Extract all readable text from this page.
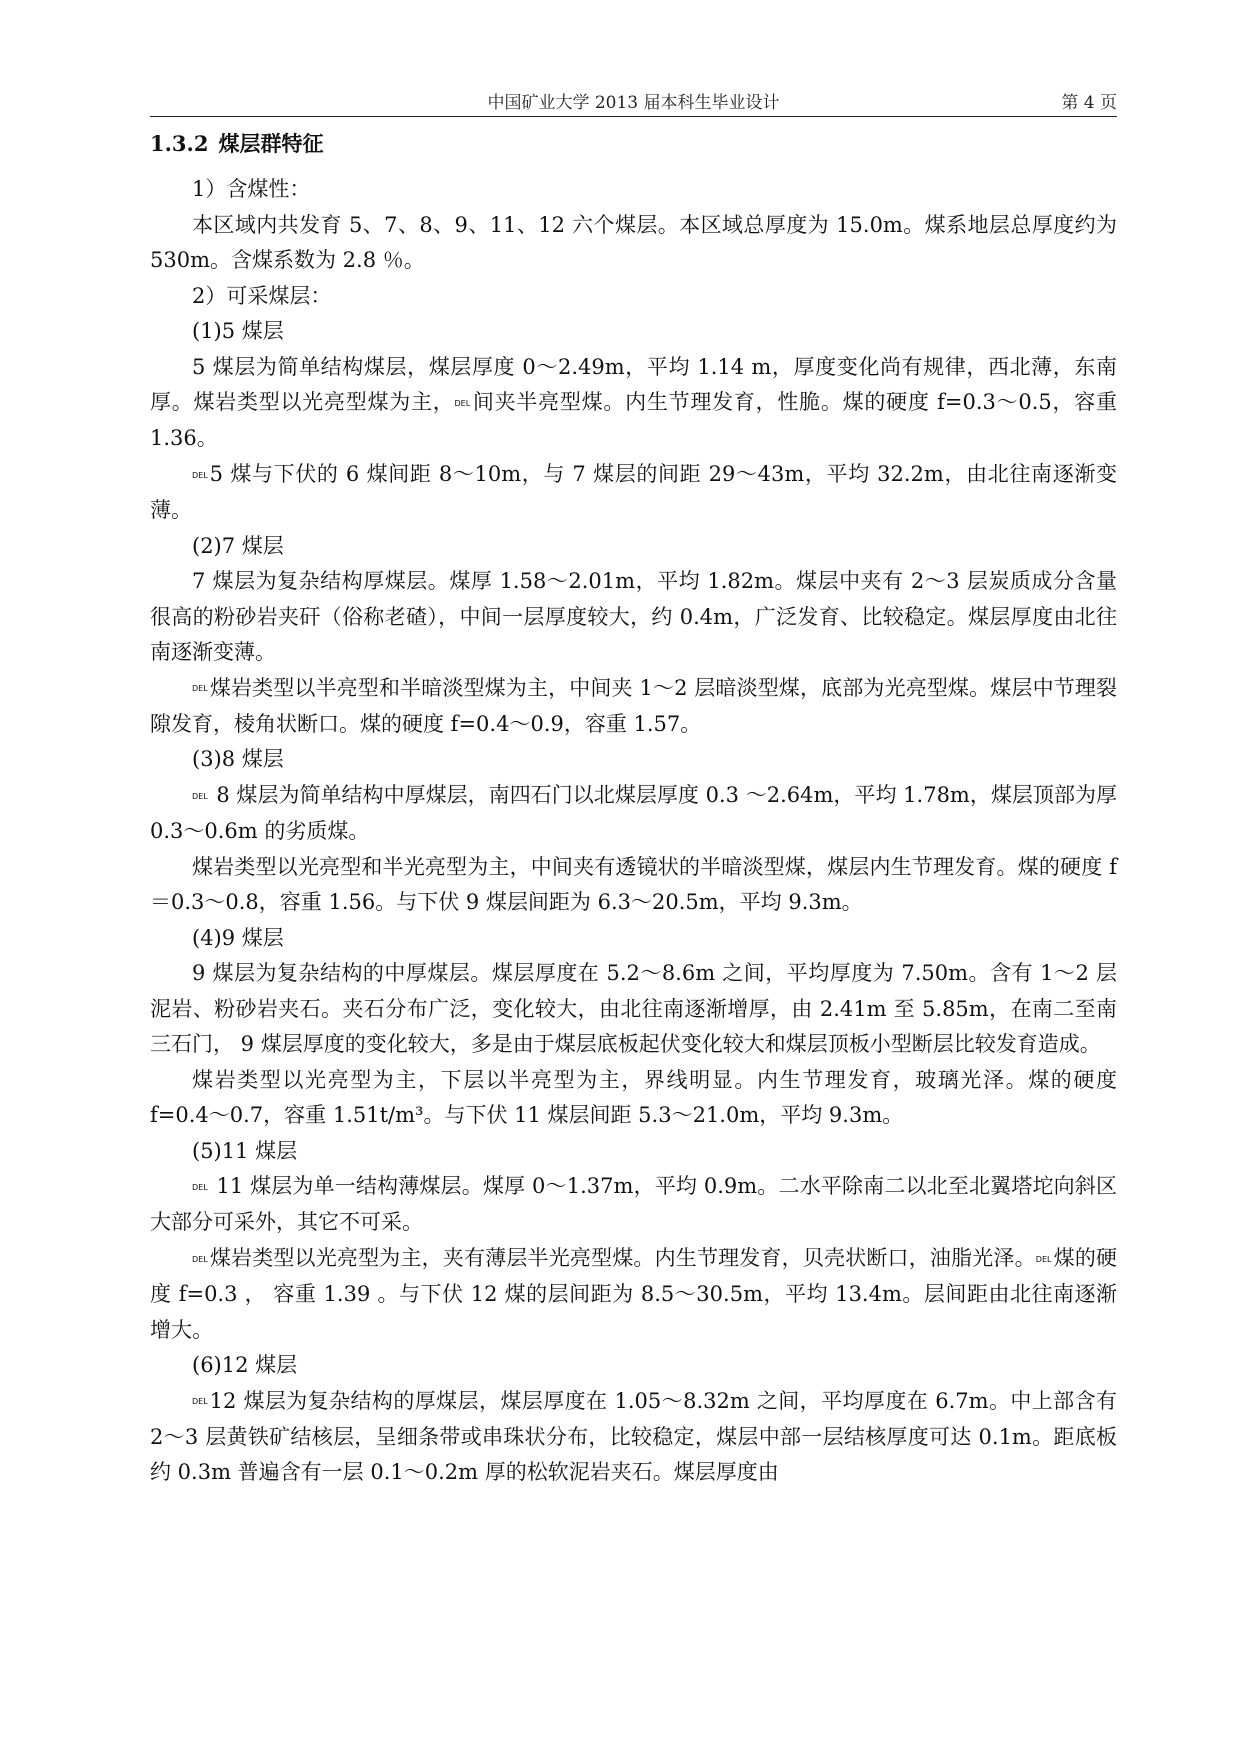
中国矿业大学 2013 届本科生毕业设计	第 4 页
1.3.2 煤层群特征

1）含煤性：

本区域内共发育 5、7、8、9、11、12 六个煤层。本区域总厚度为 15.0m。煤系地层总厚度约为 530m。含煤系数为 2.8 ％。

2）可采煤层：

(1)5 煤层

5 煤层为简单结构煤层，煤层厚度 0～2.49m，平均 1.14 m，厚度变化尚有规律，西北薄，东南厚。煤岩类型以光亮型煤为主，DEL间夹半亮型煤。内生节理发育，性脆。煤的硬度 f=0.3～0.5，容重 1.36。

DEL5 煤与下伏的 6 煤间距 8～10m，与 7 煤层的间距 29～43m，平均 32.2m，由北往南逐渐变薄。

(2)7 煤层

7 煤层为复杂结构厚煤层。煤厚 1.58～2.01m，平均 1.82m。煤层中夹有 2～3 层炭质成分含量很高的粉砂岩夹矸（俗称老碴），中间一层厚度较大，约 0.4m，广泛发育、比较稳定。煤层厚度由北往南逐渐变薄。

DEL煤岩类型以半亮型和半暗淡型煤为主，中间夹 1～2 层暗淡型煤，底部为光亮型煤。煤层中节理裂隙发育，棱角状断口。煤的硬度 f=0.4～0.9，容重 1.57。

(3)8 煤层

DEL 8 煤层为简单结构中厚煤层，南四石门以北煤层厚度 0.3 ～2.64m，平均 1.78m，煤层顶部为厚 0.3～0.6m 的劣质煤。

煤岩类型以光亮型和半光亮型为主，中间夹有透镜状的半暗淡型煤，煤层内生节理发育。煤的硬度 f＝0.3～0.8，容重 1.56。与下伏 9 煤层间距为 6.3～20.5m，平均 9.3m。

(4)9 煤层

9 煤层为复杂结构的中厚煤层。煤层厚度在 5.2～8.6m 之间，平均厚度为 7.50m。含有 1～2 层泥岩、粉砂岩夹石。夹石分布广泛，变化较大，由北往南逐渐增厚，由 2.41m 至 5.85m，在南二至南三石门， 9 煤层厚度的变化较大，多是由于煤层底板起伏变化较大和煤层顶板小型断层比较发育造成。

煤岩类型以光亮型为主，下层以半亮型为主，界线明显。内生节理发育，玻璃光泽。煤的硬度 f=0.4～0.7，容重 1.51t/m³。与下伏 11 煤层间距 5.3～21.0m，平均 9.3m。

(5)11 煤层

DEL 11 煤层为单一结构薄煤层。煤厚 0～1.37m，平均 0.9m。二水平除南二以北至北翼塔坨向斜区大部分可采外，其它不可采。

DEL煤岩类型以光亮型为主，夹有薄层半光亮型煤。内生节理发育，贝壳状断口，油脂光泽。DEL煤的硬度 f=0.3 ， 容重 1.39 。与下伏 12 煤的层间距为 8.5～30.5m，平均 13.4m。层间距由北往南逐渐增大。

(6)12 煤层

DEL12 煤层为复杂结构的厚煤层，煤层厚度在 1.05～8.32m 之间，平均厚度在 6.7m。中上部含有 2～3 层黄铁矿结核层，呈细条带或串珠状分布，比较稳定，煤层中部一层结核厚度可达 0.1m。距底板约 0.3m 普遍含有一层 0.1～0.2m 厚的松软泥岩夹石。煤层厚度由
